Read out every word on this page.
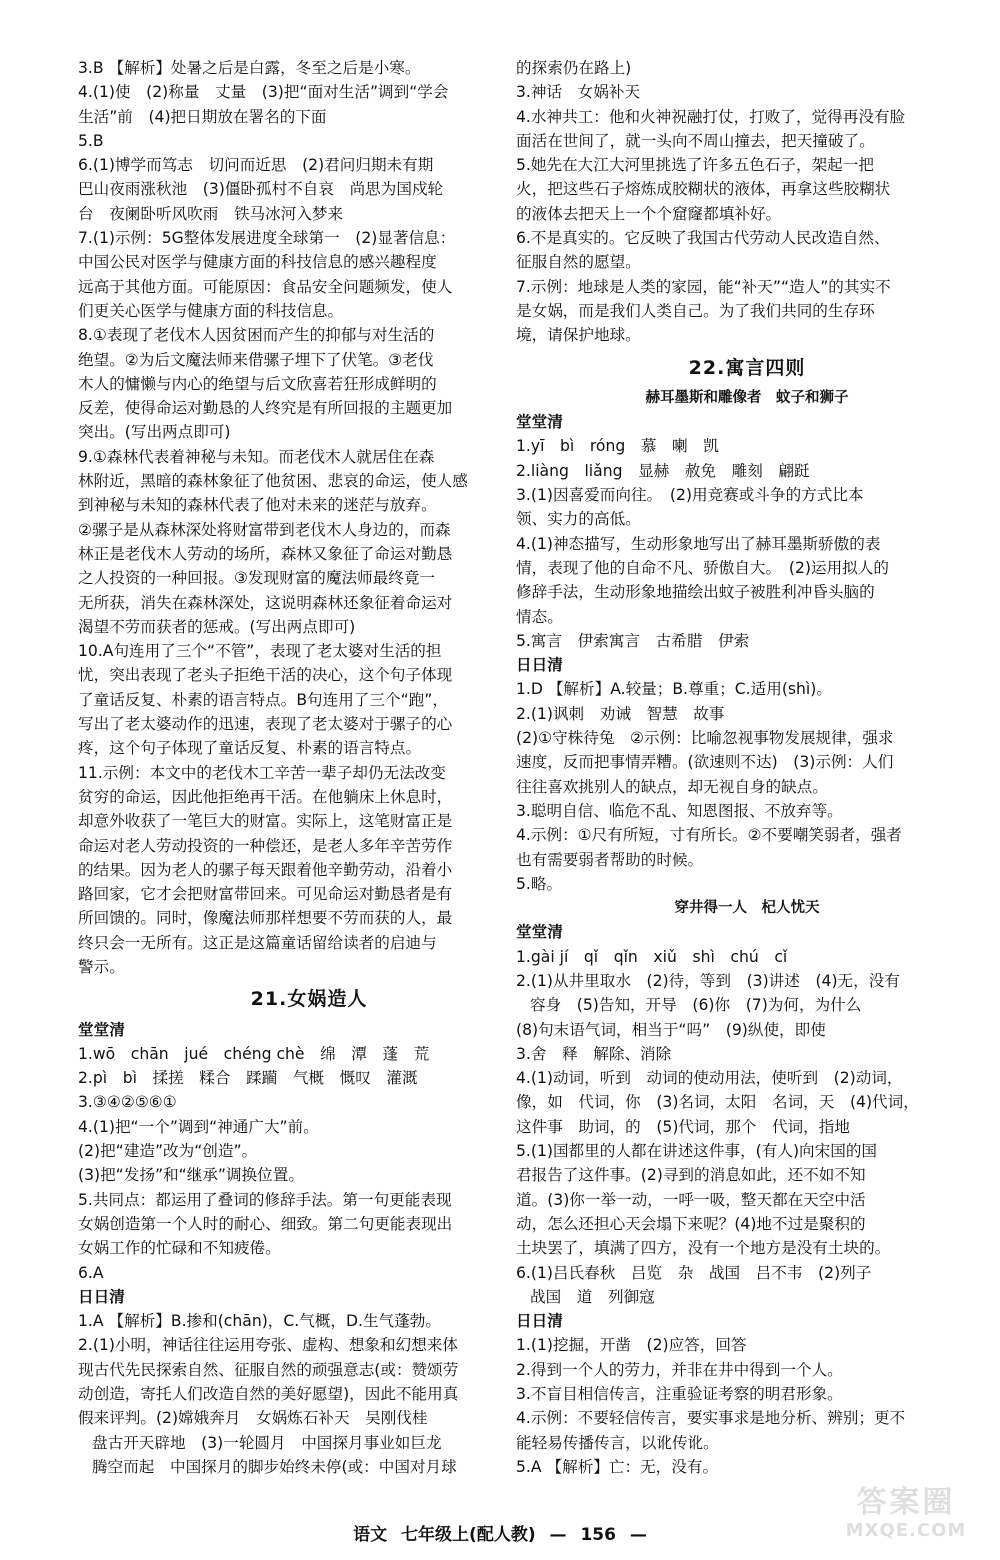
3.B 【解析】处暑之后是白露，冬至之后是小寒。
4.(1)使　(2)称量　丈量　(3)把“面对生活”调到“学会
生活”前　(4)把日期放在署名的下面
5.B
6.(1)博学而笃志　切问而近思　(2)君问归期未有期
巴山夜雨涨秋池　(3)僵卧孤村不自哀　尚思为国戍轮
台　夜阑卧听风吹雨　铁马冰河入梦来
7.(1)示例：5G整体发展进度全球第一　(2)显著信息：
中国公民对医学与健康方面的科技信息的感兴趣程度
远高于其他方面。可能原因：食品安全问题频发，使人
们更关心医学与健康方面的科技信息。
8.①表现了老伐木人因贫困而产生的抑郁与对生活的
绝望。②为后文魔法师来借骡子埋下了伏笔。③老伐
木人的慵懒与内心的绝望与后文欣喜若狂形成鲜明的
反差，使得命运对勤恳的人终究是有所回报的主题更加
突出。(写出两点即可)
9.①森林代表着神秘与未知。而老伐木人就居住在森
林附近，黑暗的森林象征了他贫困、悲哀的命运，使人感
到神秘与未知的森林代表了他对未来的迷茫与放弃。
②骡子是从森林深处将财富带到老伐木人身边的，而森
林正是老伐木人劳动的场所，森林又象征了命运对勤恳
之人投资的一种回报。③发现财富的魔法师最终竟一
无所获，消失在森林深处，这说明森林还象征着命运对
渴望不劳而获者的惩戒。(写出两点即可)
10.A句连用了三个“不管”，表现了老太婆对生活的担
忧，突出表现了老头子拒绝干活的决心，这个句子体现
了童话反复、朴素的语言特点。B句连用了三个“跑”，
写出了老太婆动作的迅速，表现了老太婆对于骡子的心
疼，这个句子体现了童话反复、朴素的语言特点。
11.示例：本文中的老伐木工辛苦一辈子却仍无法改变
贫穷的命运，因此他拒绝再干活。在他躺床上休息时，
却意外收获了一笔巨大的财富。实际上，这笔财富正是
命运对老人劳动投资的一种偿还，是老人多年辛苦劳作
的结果。因为老人的骡子每天跟着他辛勤劳动，沿着小
路回家，它才会把财富带回来。可见命运对勤恳者是有
所回馈的。同时，像魔法师那样想要不劳而获的人，最
终只会一无所有。这正是这篇童话留给读者的启迪与
警示。
21.女娲造人
堂堂清
1.wō　chān　jué　chéng chè　绵　潭　蓬　荒
2.pì　bì　揉搓　糅合　蹂躏　气概　慨叹　灌溉
3.③④②⑤⑥①
4.(1)把“一个”调到“神通广大”前。
(2)把“建造”改为“创造”。
(3)把“发扬”和“继承”调换位置。
5.共同点：都运用了叠词的修辞手法。第一句更能表现
女娲创造第一个人时的耐心、细致。第二句更能表现出
女娲工作的忙碌和不知疲倦。
6.A
日日清
1.A 【解析】B.掺和(chān)，C.气概，D.生气蓬勃。
2.(1)小明，神话往往运用夸张、虚构、想象和幻想来体
现古代先民探索自然、征服自然的顽强意志(或：赞颂劳
动创造，寄托人们改造自然的美好愿望)，因此不能用真
假来评判。(2)嫦娥奔月　女娲炼石补天　吴刚伐桂
盘古开天辟地　(3)一轮圆月　中国探月事业如巨龙
腾空而起　中国探月的脚步始终未停(或：中国对月球
的探索仍在路上)
3.神话　女娲补天
4.水神共工：他和火神祝融打仗，打败了，觉得再没有脸
面活在世间了，就一头向不周山撞去，把天撞破了。
5.她先在大江大河里挑选了许多五色石子，架起一把
火，把这些石子熔炼成胶糊状的液体，再拿这些胶糊状
的液体去把天上一个个窟窿都填补好。
6.不是真实的。它反映了我国古代劳动人民改造自然、
征服自然的愿望。
7.示例：地球是人类的家园，能“补天”“造人”的其实不
是女娲，而是我们人类自己。为了我们共同的生存环
境，请保护地球。
22.寓言四则
赫耳墨斯和雕像者　蚊子和狮子
堂堂清
1.yī　bì　róng　慕　喇　凯
2.liàng　liǎng　显赫　赦免　雕刻　翩跹
3.(1)因喜爱而向往。　(2)用竞赛或斗争的方式比本
领、实力的高低。
4.(1)神态描写，生动形象地写出了赫耳墨斯骄傲的表
情，表现了他的自命不凡、骄傲自大。　(2)运用拟人的
修辞手法，生动形象地描绘出蚊子被胜利冲昏头脑的
情态。
5.寓言　伊索寓言　古希腊　伊索
日日清
1.D 【解析】A.较量；B.尊重；C.适用(shì)。
2.(1)讽刺　劝诫　智慧　故事
(2)①守株待兔　②示例：比喻忽视事物发展规律，强求
速度，反而把事情弄糟。(欲速则不达)　(3)示例：人们
往往喜欢挑别人的缺点，却无视自身的缺点。
3.聪明自信、临危不乱、知恩图报、不放弃等。
4.示例：①尺有所短，寸有所长。②不要嘲笑弱者，强者
也有需要弱者帮助的时候。
5.略。
穿井得一人　杞人忧天
堂堂清
1.gài jí　qǐ　qǐn　xiǔ　shì　chú　cǐ
2.(1)从井里取水　(2)待，等到　(3)讲述　(4)无，没有
容身　(5)告知，开导　(6)你　(7)为何，为什么
(8)句末语气词，相当于“吗”　(9)纵使，即使
3.舍　释　解除、消除
4.(1)动词，听到　动词的使动用法，使听到　(2)动词，
像，如　代词，你　(3)名词，太阳　名词，天　(4)代词，
这件事　助词，的　(5)代词，那个　代词，指地
5.(1)国都里的人都在讲述这件事，(有人)向宋国的国
君报告了这件事。(2)寻到的消息如此，还不如不知
道。(3)你一举一动，一呼一吸，整天都在天空中活
动，怎么还担心天会塌下来呢？(4)地不过是聚积的
土块罢了，填满了四方，没有一个地方是没有土块的。
6.(1)吕氏春秋　吕览　杂　战国　吕不韦　(2)列子
战国　道　列御寇
日日清
1.(1)挖掘，开凿　(2)应答，回答
2.得到一个人的劳力，并非在井中得到一个人。
3.不盲目相信传言，注重验证考察的明君形象。
4.示例：不要轻信传言，要实事求是地分析、辨别；更不
能轻易传播传言，以讹传讹。
5.A 【解析】亡：无，没有。
语文 七年级上(配人教) — 156 —
答案圈
MXQE.COM
